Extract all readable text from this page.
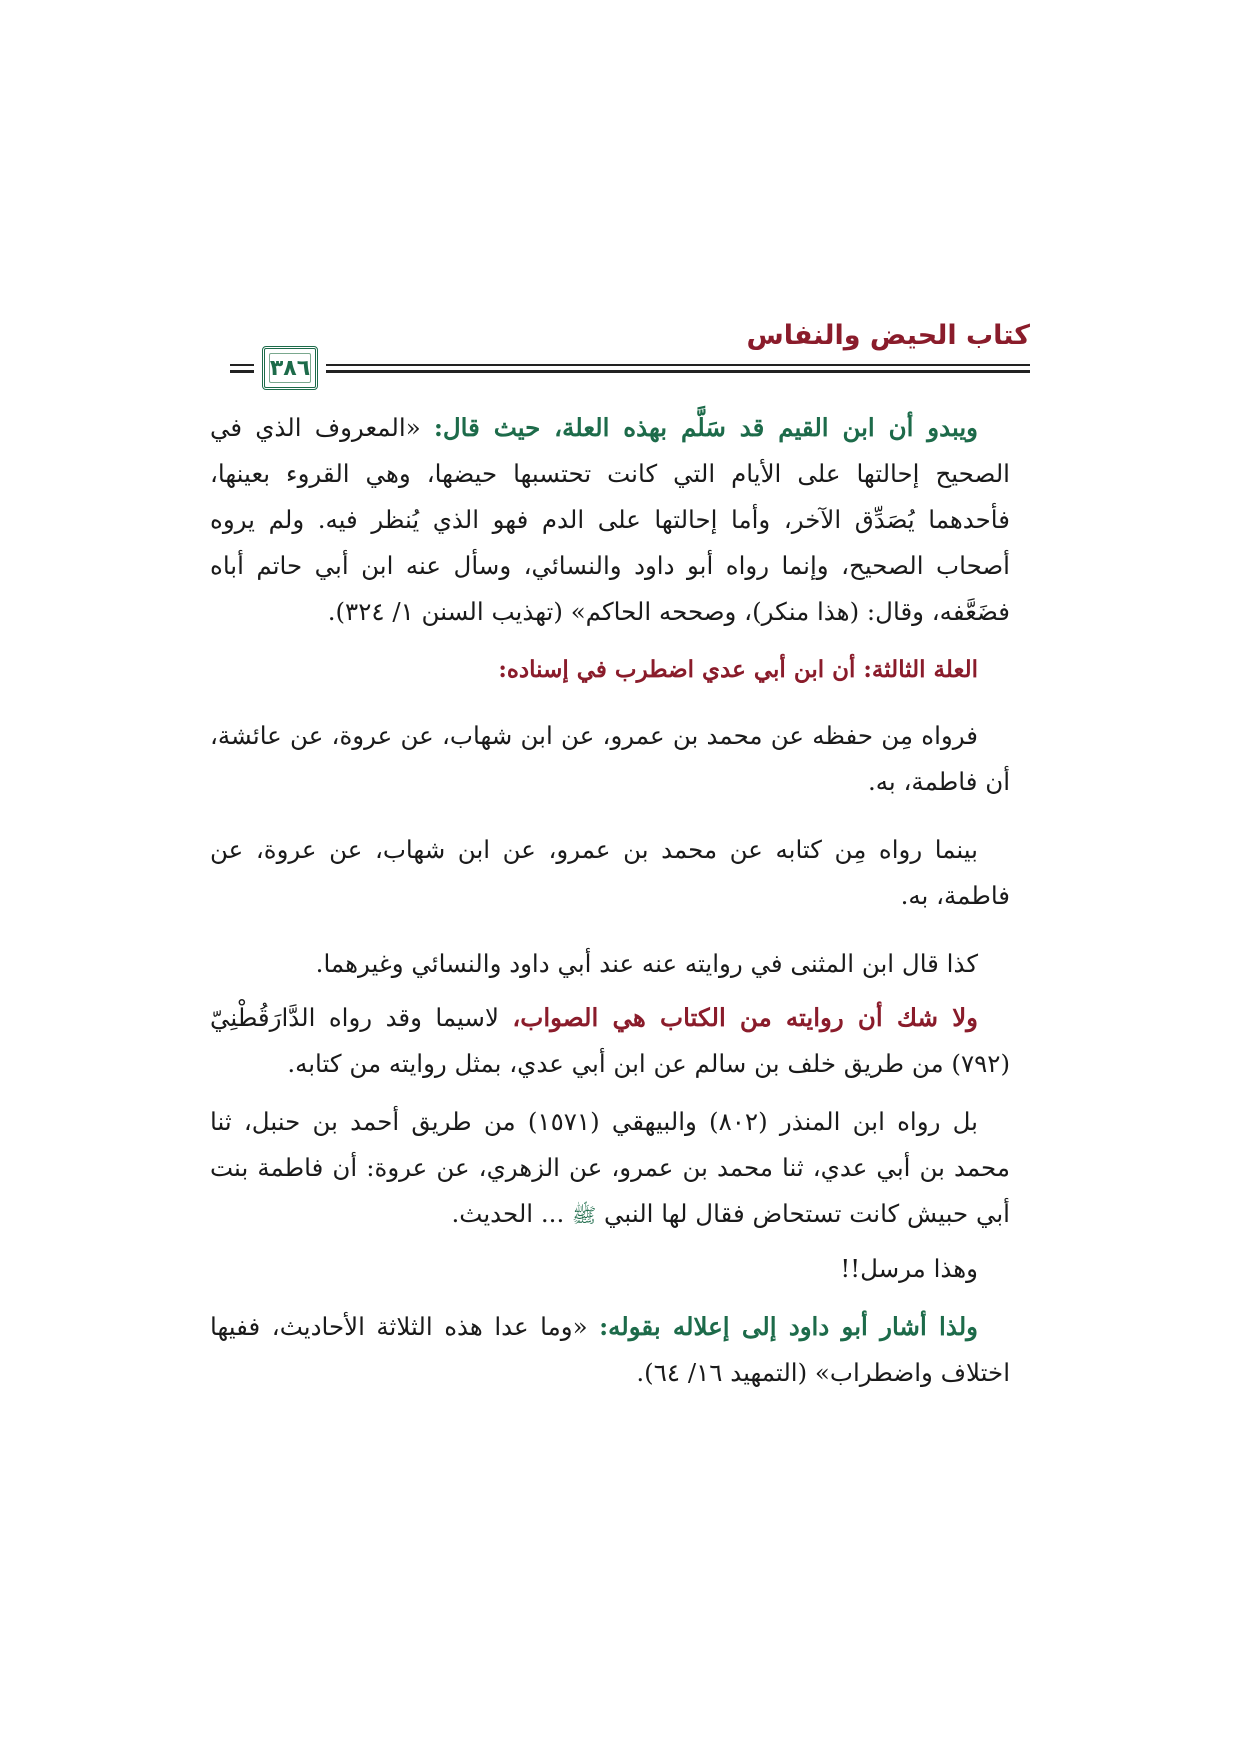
كتاب الحيض والنفاس
٣٨٦

ويبدو أن ابن القيم قد سَلَّم بهذه العلة، حيث قال: «المعروف الذي في الصحيح إحالتها على الأيام التي كانت تحتسبها حيضها، وهي القروء بعينها، فأحدهما يُصَدِّق الآخر، وأما إحالتها على الدم فهو الذي يُنظر فيه. ولم يروه أصحاب الصحيح، وإنما رواه أبو داود والنسائي، وسأل عنه ابن أبي حاتم أباه فضَعَّفه، وقال: (هذا منكر)، وصححه الحاكم» (تهذيب السنن ١/ ٣٢٤).

العلة الثالثة: أن ابن أبي عدي اضطرب في إسناده:

فرواه مِن حفظه عن محمد بن عمرو، عن ابن شهاب، عن عروة، عن عائشة، أن فاطمة، به.

بينما رواه مِن كتابه عن محمد بن عمرو، عن ابن شهاب، عن عروة، عن فاطمة، به.

كذا قال ابن المثنى في روايته عنه عند أبي داود والنسائي وغيرهما.

ولا شك أن روايته من الكتاب هي الصواب، لاسيما وقد رواه الدَّارَقُطْنِيّ (٧٩٢) من طريق خلف بن سالم عن ابن أبي عدي، بمثل روايته من كتابه.

بل رواه ابن المنذر (٨٠٢) والبيهقي (١٥٧١) من طريق أحمد بن حنبل، ثنا محمد بن أبي عدي، ثنا محمد بن عمرو، عن الزهري، عن عروة: أن فاطمة بنت أبي حبيش كانت تستحاض فقال لها النبي ﷺ ... الحديث.

وهذا مرسل!!

ولذا أشار أبو داود إلى إعلاله بقوله: «وما عدا هذه الثلاثة الأحاديث، ففيها اختلاف واضطراب» (التمهيد ١٦/ ٦٤).
